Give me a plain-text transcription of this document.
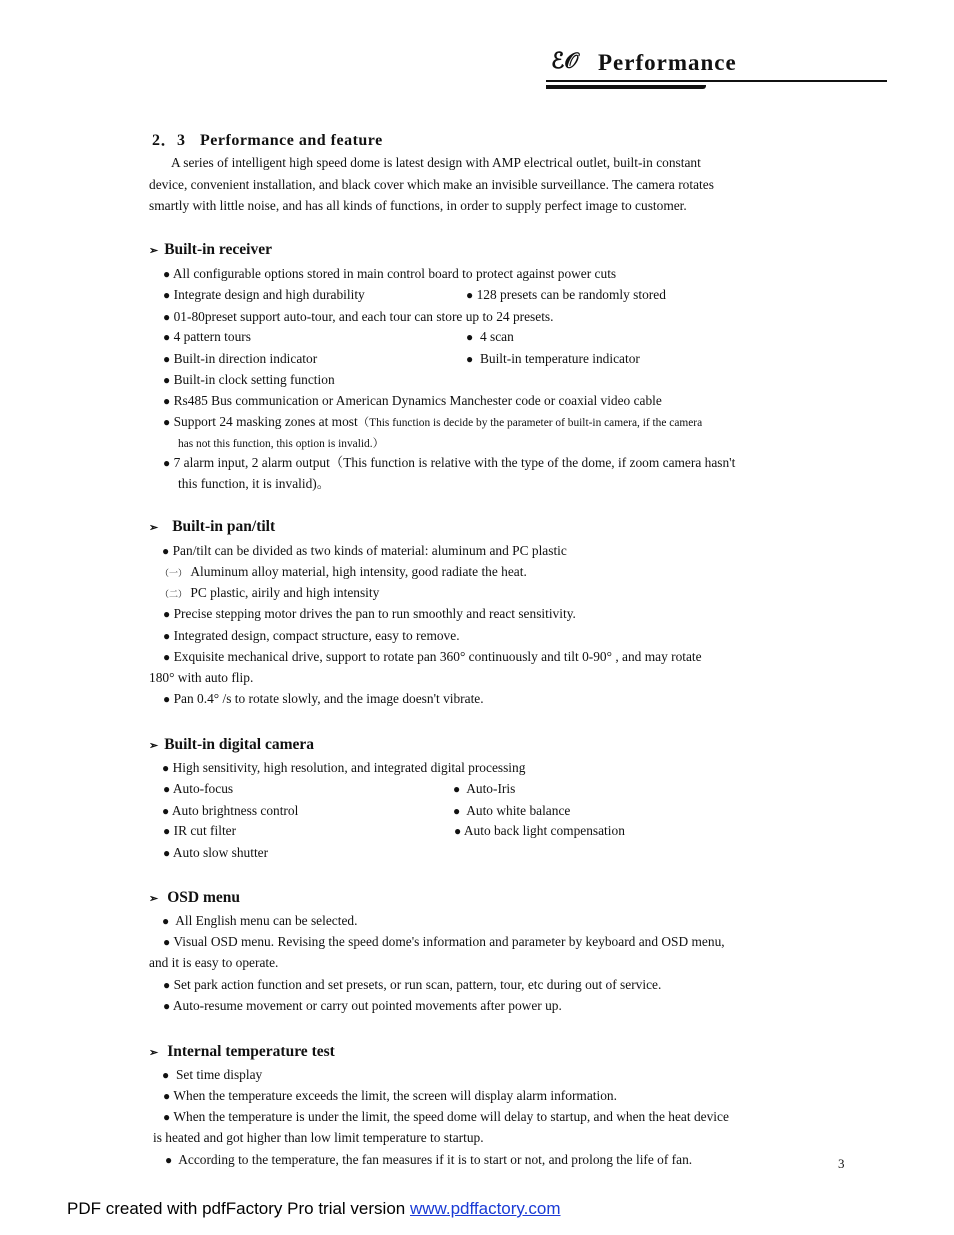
ℰ𝒪 Performance
2．3 Performance and feature
A series of intelligent high speed dome is latest design with AMP electrical outlet, built-in constant
device, convenient installation, and black cover which make an invisible surveillance. The camera rotates
smartly with little noise, and has all kinds of functions, in order to supply perfect image to customer.
➢ Built-in receiver
● All configurable options stored in main control board to protect against power cuts
● Integrate design and high durability	● 128 presets can be randomly stored
● 01-80preset support auto-tour, and each tour can store up to 24 presets.
● 4 pattern tours	● 4 scan
● Built-in direction indicator	● Built-in temperature indicator
● Built-in clock setting function
● Rs485 Bus communication or American Dynamics Manchester code or coaxial video cable
● Support 24 masking zones at most（This function is decide by the parameter of built-in camera, if the camera
has not this function, this option is invalid.）
● 7 alarm input, 2 alarm output（This function is relative with the type of the dome, if zoom camera hasn't
this function, it is invalid)。
➢ Built-in pan/tilt
● Pan/tilt can be divided as two kinds of material: aluminum and PC plastic
（一） Aluminum alloy material, high intensity, good radiate the heat.
（二） PC plastic, airily and high intensity
● Precise stepping motor drives the pan to run smoothly and react sensitivity.
● Integrated design, compact structure, easy to remove.
● Exquisite mechanical drive, support to rotate pan 360° continuously and tilt 0-90° , and may rotate
180° with auto flip.
● Pan 0.4° /s to rotate slowly, and the image doesn't vibrate.
➢ Built-in digital camera
● High sensitivity, high resolution, and integrated digital processing
● Auto-focus	● Auto-Iris
● Auto brightness control	● Auto white balance
● IR cut filter	● Auto back light compensation
● Auto slow shutter
➢ OSD menu
● All English menu can be selected.
● Visual OSD menu. Revising the speed dome's information and parameter by keyboard and OSD menu,
and it is easy to operate.
● Set park action function and set presets, or run scan, pattern, tour, etc during out of service.
● Auto-resume movement or carry out pointed movements after power up.
➢ Internal temperature test
● Set time display
● When the temperature exceeds the limit, the screen will display alarm information.
● When the temperature is under the limit, the speed dome will delay to startup, and when the heat device
is heated and got higher than low limit temperature to startup.
● According to the temperature, the fan measures if it is to start or not, and prolong the life of fan.	3
PDF created with pdfFactory Pro trial version www.pdffactory.com
